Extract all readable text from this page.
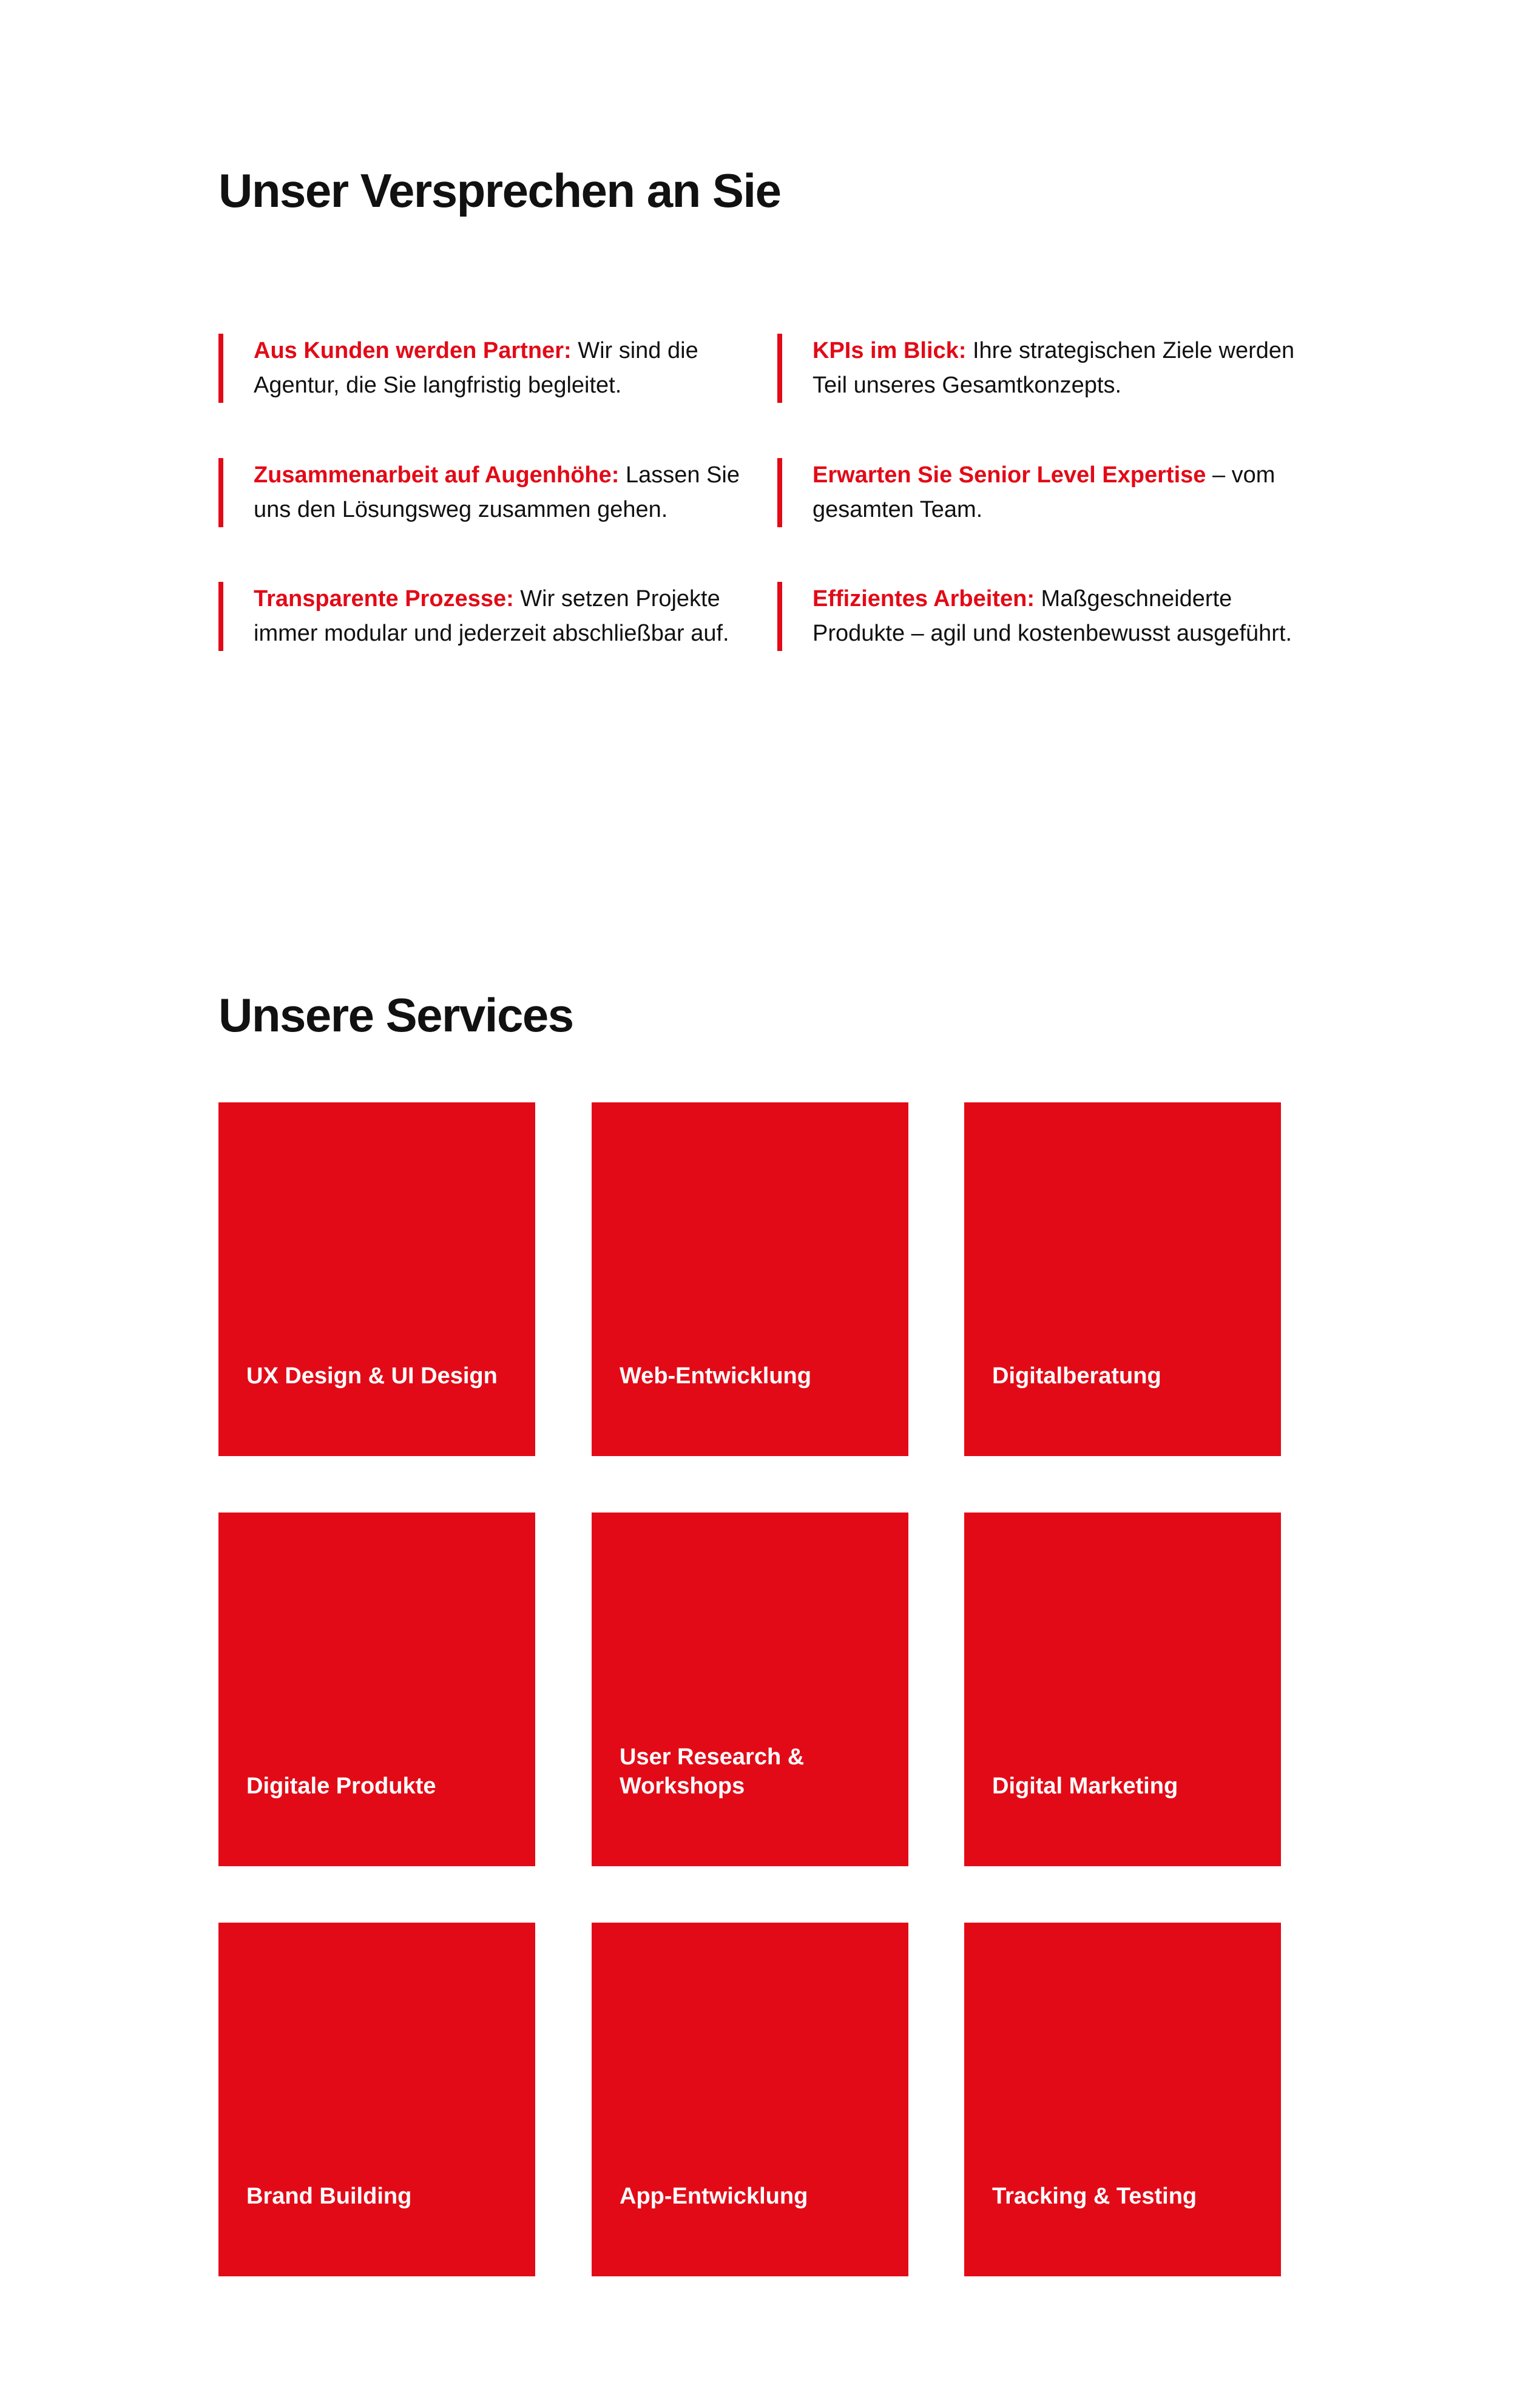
Unser Versprechen an Sie
Aus Kunden werden Partner: Wir sind die Agentur, die Sie langfristig begleitet.
KPIs im Blick: Ihre strategischen Ziele werden Teil unseres Gesamtkonzepts.
Zusammenarbeit auf Augenhöhe: Lassen Sie uns den Lösungsweg zusammen gehen.
Erwarten Sie Senior Level Expertise – vom gesamten Team.
Transparente Prozesse: Wir setzen Projekte immer modular und jederzeit abschließbar auf.
Effizientes Arbeiten: Maßgeschneiderte Produkte – agil und kostenbewusst ausgeführt.
Unsere Services
UX Design & UI Design	Web-Entwicklung	Digitalberatung
Digitale Produkte
User Research & Workshops	Digital Marketing
Brand Building	App-Entwicklung	Tracking & Testing
